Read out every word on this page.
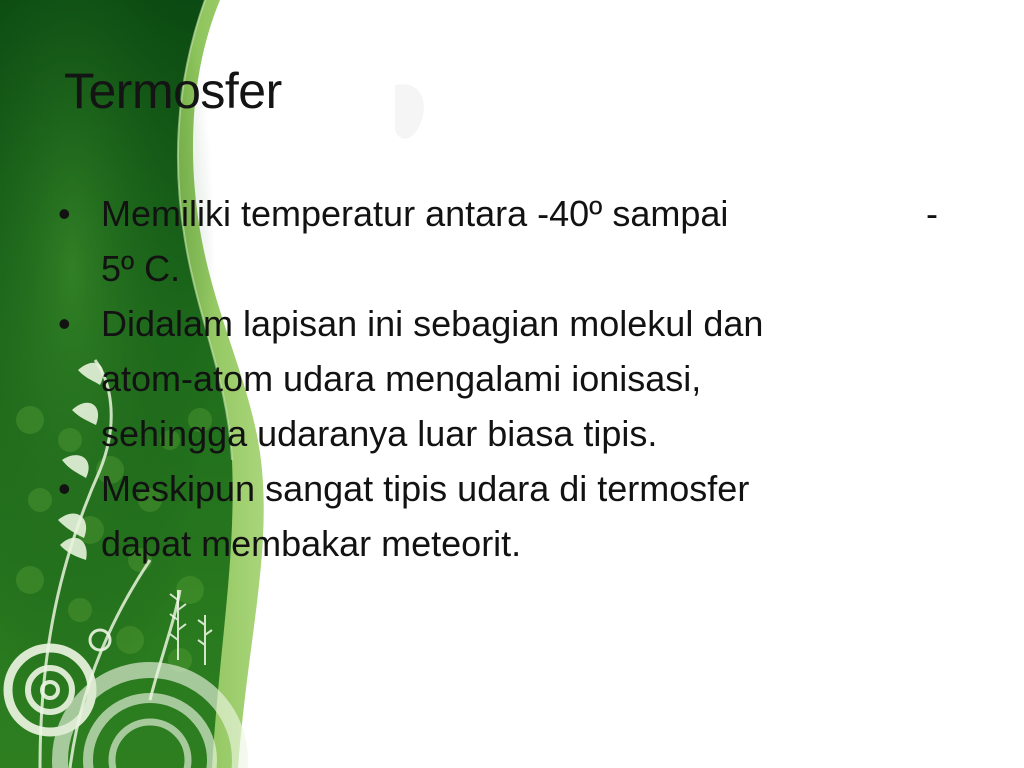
Termosfer
• Memiliki temperatur antara -40º sampai	-
5º C.
• Didalam lapisan ini sebagian molekul dan
atom-atom udara mengalami ionisasi,
sehingga udaranya luar biasa tipis.
• Meskipun sangat tipis udara di termosfer
dapat membakar meteorit.
